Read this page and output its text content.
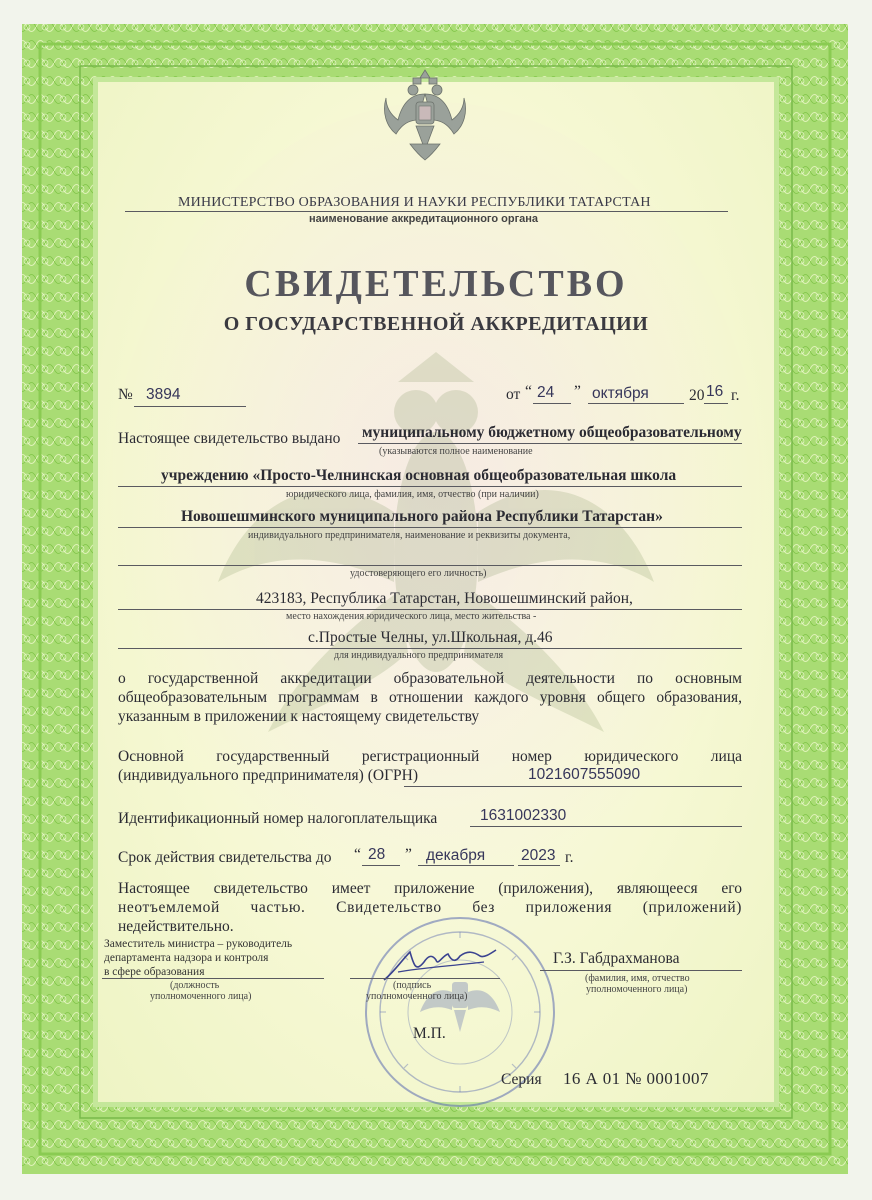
МИНИСТЕРСТВО ОБРАЗОВАНИЯ И НАУКИ РЕСПУБЛИКИ ТАТАРСТАН
наименование аккредитационного органа
СВИДЕТЕЛЬСТВО
О ГОСУДАРСТВЕННОЙ АККРЕДИТАЦИИ
№ 3894	от “ 24 ” октября	20 16 г.
Настоящее свидетельство выдано муниципальному бюджетному общеобразовательному
(указываются полное наименование
учреждению «Просто-Челнинская основная общеобразовательная школа
юридического лица, фамилия, имя, отчество (при наличии)
Новошешминского муниципального района Республики Татарстан»
индивидуального предпринимателя, наименование и реквизиты документа,
удостоверяющего его личность)
423183, Республика Татарстан, Новошешминский район,
место нахождения юридического лица, место жительства -
с.Простые Челны, ул.Школьная, д.46
для индивидуального предпринимателя
о государственной аккредитации образовательной деятельности по основным
общеобразовательным программам в отношении каждого уровня общего образования,
указанным в приложении к настоящему свидетельству
Основной государственный регистрационный номер юридического лица
(индивидуального предпринимателя) (ОГРН)	1021607555090
Идентификационный номер налогоплательщика	1631002330
Срок действия свидетельства до “ 28 ” декабря 2023 г.
Настоящее свидетельство имеет приложение (приложения), являющееся его
неотъемлемой частью. Свидетельство без приложения (приложений)
недействительно.
Заместитель министра – руководитель
департамента надзора и контроля
в сфере образования
(должность
уполномоченного лица)
(подпись
уполномоченного лица)
Г.З. Габдрахманова
(фамилия, имя, отчество
уполномоченного лица)
М.П.
Серия 16 А 01 № 0001007
